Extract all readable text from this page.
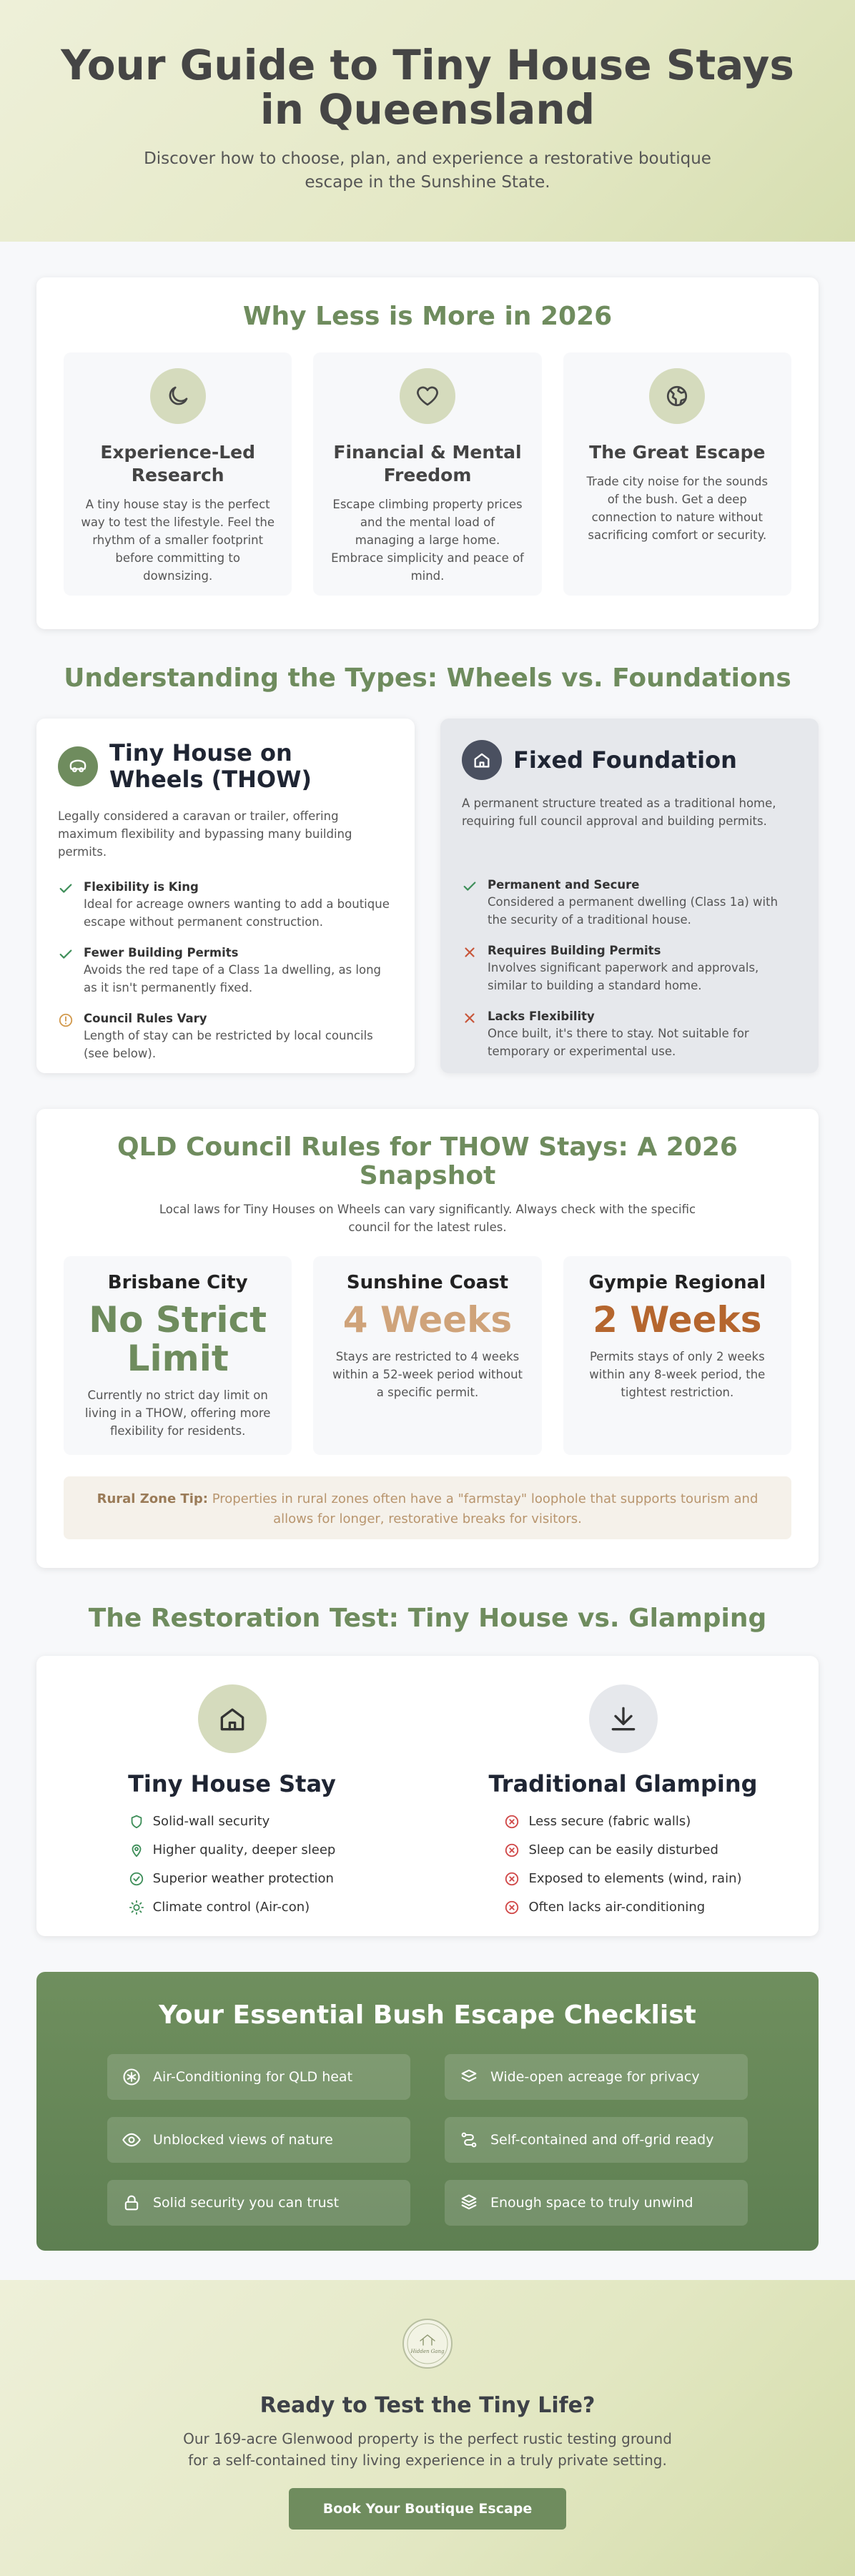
Your Guide to Tiny House Stays in Queensland

Discover how to choose, plan, and experience a restorative boutique escape in the Sunshine State.

Why Less is More in 2026
Experience-Led Research

A tiny house stay is the perfect way to test the lifestyle. Feel the rhythm of a smaller footprint before committing to downsizing.

Financial & Mental Freedom

Escape climbing property prices and the mental load of managing a large home. Embrace simplicity and peace of mind.

The Great Escape

Trade city noise for the sounds of the bush. Get a deep connection to nature without sacrificing comfort or security.

Understanding the Types: Wheels vs. Foundations
Tiny House on Wheels (THOW)

Legally considered a caravan or trailer, offering maximum flexibility and bypassing many building permits.

Flexibility is King
Ideal for acreage owners wanting to add a boutique escape without permanent construction.
Fewer Building Permits
Avoids the red tape of a Class 1a dwelling, as long as it isn't permanently fixed.
Council Rules Vary
Length of stay can be restricted by local councils (see below).
Fixed Foundation

A permanent structure treated as a traditional home, requiring full council approval and building permits.

Permanent and Secure
Considered a permanent dwelling (Class 1a) with the security of a traditional house.
Requires Building Permits
Involves significant paperwork and approvals, similar to building a standard home.
Lacks Flexibility
Once built, it's there to stay. Not suitable for temporary or experimental use.
QLD Council Rules for THOW Stays: A 2026 Snapshot

Local laws for Tiny Houses on Wheels can vary significantly. Always check with the specific council for the latest rules.

Brisbane City
No Strict Limit

Currently no strict day limit on living in a THOW, offering more flexibility for residents.

Sunshine Coast
4 Weeks

Stays are restricted to 4 weeks within a 52-week period without a specific permit.

Gympie Regional
2 Weeks

Permits stays of only 2 weeks within any 8-week period, the tightest restriction.

Rural Zone Tip: Properties in rural zones often have a "farmstay" loophole that supports tourism and allows for longer, restorative breaks for visitors.
The Restoration Test: Tiny House vs. Glamping
Tiny House Stay
Solid-wall security
Higher quality, deeper sleep
Superior weather protection
Climate control (Air-con)
Traditional Glamping
Less secure (fabric walls)
Sleep can be easily disturbed
Exposed to elements (wind, rain)
Often lacks air-conditioning
Your Essential Bush Escape Checklist
Air-Conditioning for QLD heat	Wide-open acreage for privacy
Unblocked views of nature	Self-contained and off-grid ready
Solid security you can trust	Enough space to truly unwind
Hidden Gang
Ready to Test the Tiny Life?

Our 169-acre Glenwood property is the perfect rustic testing ground for a self-contained tiny living experience in a truly private setting.

Book Your Boutique Escape
